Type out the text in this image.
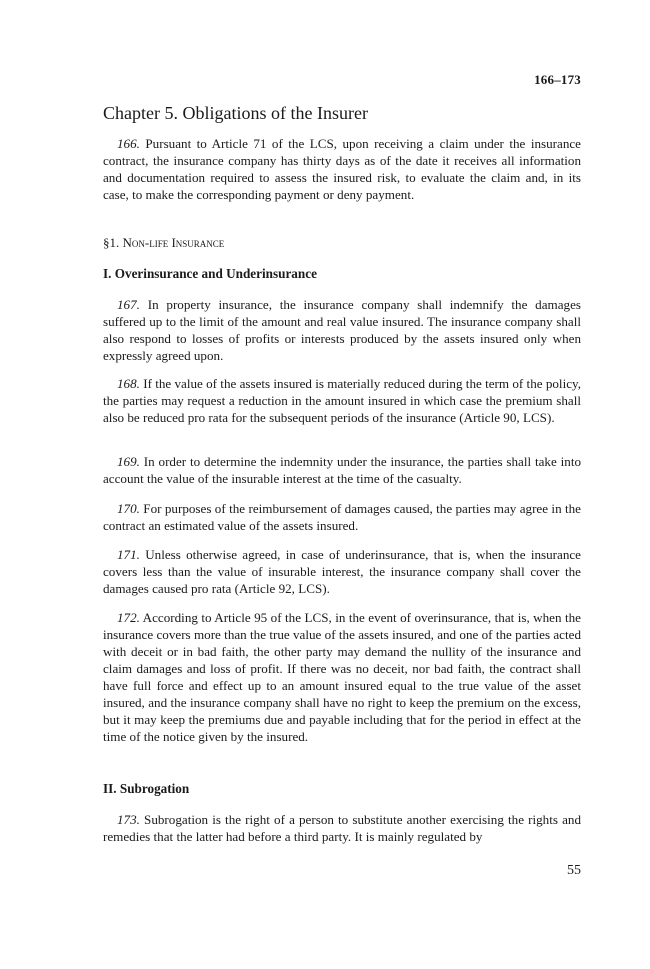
166–173
Chapter 5. Obligations of the Insurer

166. Pursuant to Article 71 of the LCS, upon receiving a claim under the insurance contract, the insurance company has thirty days as of the date it receives all information and documentation required to assess the insured risk, to evaluate the claim and, in its case, to make the corresponding payment or deny payment.

§1. Non-life Insurance
I. Overinsurance and Underinsurance

167. In property insurance, the insurance company shall indemnify the damages suffered up to the limit of the amount and real value insured. The insurance company shall also respond to losses of profits or interests produced by the assets insured only when expressly agreed upon.

168. If the value of the assets insured is materially reduced during the term of the policy, the parties may request a reduction in the amount insured in which case the premium shall also be reduced pro rata for the subsequent periods of the insurance (Article 90, LCS).

169. In order to determine the indemnity under the insurance, the parties shall take into account the value of the insurable interest at the time of the casualty.

170. For purposes of the reimbursement of damages caused, the parties may agree in the contract an estimated value of the assets insured.

171. Unless otherwise agreed, in case of underinsurance, that is, when the insurance covers less than the value of insurable interest, the insurance company shall cover the damages caused pro rata (Article 92, LCS).

172. According to Article 95 of the LCS, in the event of overinsurance, that is, when the insurance covers more than the true value of the assets insured, and one of the parties acted with deceit or in bad faith, the other party may demand the nullity of the insurance and claim damages and loss of profit. If there was no deceit, nor bad faith, the contract shall have full force and effect up to an amount insured equal to the true value of the asset insured, and the insurance company shall have no right to keep the premium on the excess, but it may keep the premiums due and payable including that for the period in effect at the time of the notice given by the insured.

II. Subrogation

173. Subrogation is the right of a person to substitute another exercising the rights and remedies that the latter had before a third party. It is mainly regulated by

55
